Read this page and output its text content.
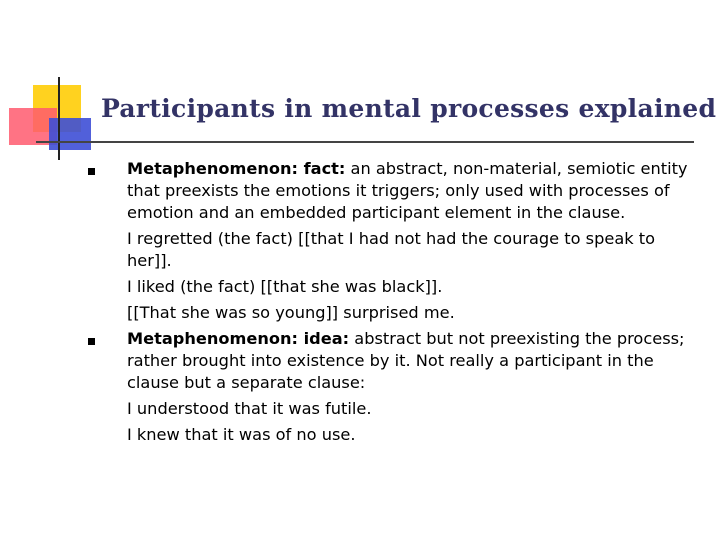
Participants in mental processes explained

Metaphenomenon: fact: an abstract, non-material, semiotic entity that preexists the emotions it triggers; only used with processes of emotion and an embedded participant element in the clause.

I regretted (the fact) [[that I had not had the courage to speak to her]].

I liked (the fact) [[that she was black]].

[[That she was so young]] surprised me.

Metaphenomenon: idea: abstract but not preexisting the process; rather brought into existence by it. Not really a participant in the clause but a separate clause:

I understood that it was futile.

I knew that it was of no use.
